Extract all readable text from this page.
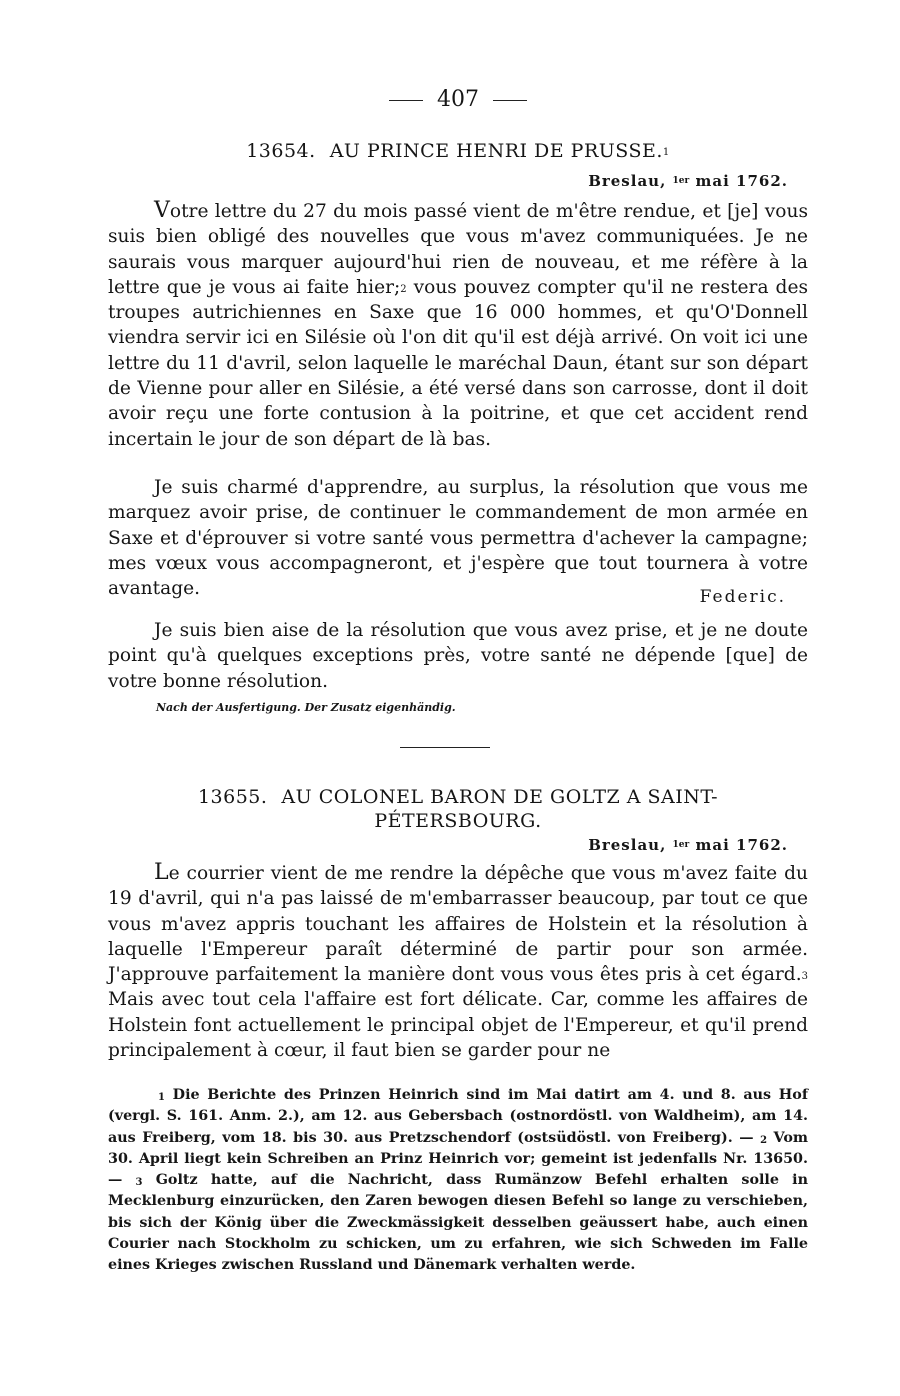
407
13654. AU PRINCE HENRI DE PRUSSE.$^1$
Breslau, $^{1er}$ mai 1762.

Votre lettre du 27 du mois passé vient de m'être rendue, et [je] vous suis bien obligé des nouvelles que vous m'avez communiquées. Je ne saurais vous marquer aujourd'hui rien de nouveau, et me réfère à la lettre que je vous ai faite hier;$^2$ vous pouvez compter qu'il ne restera des troupes autrichiennes en Saxe que 16 000 hommes, et qu'O'Donnell viendra servir ici en Silésie où l'on dit qu'il est déjà arrivé. On voit ici une lettre du 11 d'avril, selon laquelle le maréchal Daun, étant sur son départ de Vienne pour aller en Silésie, a été versé dans son carrosse, dont il doit avoir reçu une forte contusion à la poitrine, et que cet accident rend incertain le jour de son départ de là bas.

Je suis charmé d'apprendre, au surplus, la résolution que vous me marquez avoir prise, de continuer le commandement de mon armée en Saxe et d'éprouver si votre santé vous permettra d'achever la campagne; mes vœux vous accompagneront, et j'espère que tout tournera à votre avantage.	Federic.

Je suis bien aise de la résolution que vous avez prise, et je ne doute point qu'à quelques exceptions près, votre santé ne dépende [que] de votre bonne résolution.

Nach der Ausfertigung. Der Zusatz eigenhändig.
13655. AU COLONEL BARON DE GOLTZ A SAINT-
PÉTERSBOURG.
Breslau, $^{1er}$ mai 1762.

Le courrier vient de me rendre la dépêche que vous m'avez faite du 19 d'avril, qui n'a pas laissé de m'embarrasser beaucoup, par tout ce que vous m'avez appris touchant les affaires de Holstein et la résolution à laquelle l'Empereur paraît déterminé de partir pour son armée. J'approuve parfaitement la manière dont vous vous êtes pris à cet égard.$^3$ Mais avec tout cela l'affaire est fort délicate. Car, comme les affaires de Holstein font actuellement le principal objet de l'Empereur, et qu'il prend principalement à cœur, il faut bien se garder pour ne

$^1$ Die Berichte des Prinzen Heinrich sind im Mai datirt am 4. und 8. aus Hof (vergl. S. 161. Anm. 2.), am 12. aus Gebersbach (ostnordöstl. von Waldheim), am 14. aus Freiberg, vom 18. bis 30. aus Pretzschendorf (ostsüdöstl. von Freiberg). — $^2$ Vom 30. April liegt kein Schreiben an Prinz Heinrich vor; gemeint ist jedenfalls Nr. 13650. — $^3$ Goltz hatte, auf die Nachricht, dass Rumänzow Befehl erhalten solle in Mecklenburg einzurücken, den Zaren bewogen diesen Befehl so lange zu verschieben, bis sich der König über die Zweckmässigkeit desselben geäussert habe, auch einen Courier nach Stockholm zu schicken, um zu erfahren, wie sich Schweden im Falle eines Krieges zwischen Russland und Dänemark verhalten werde.
